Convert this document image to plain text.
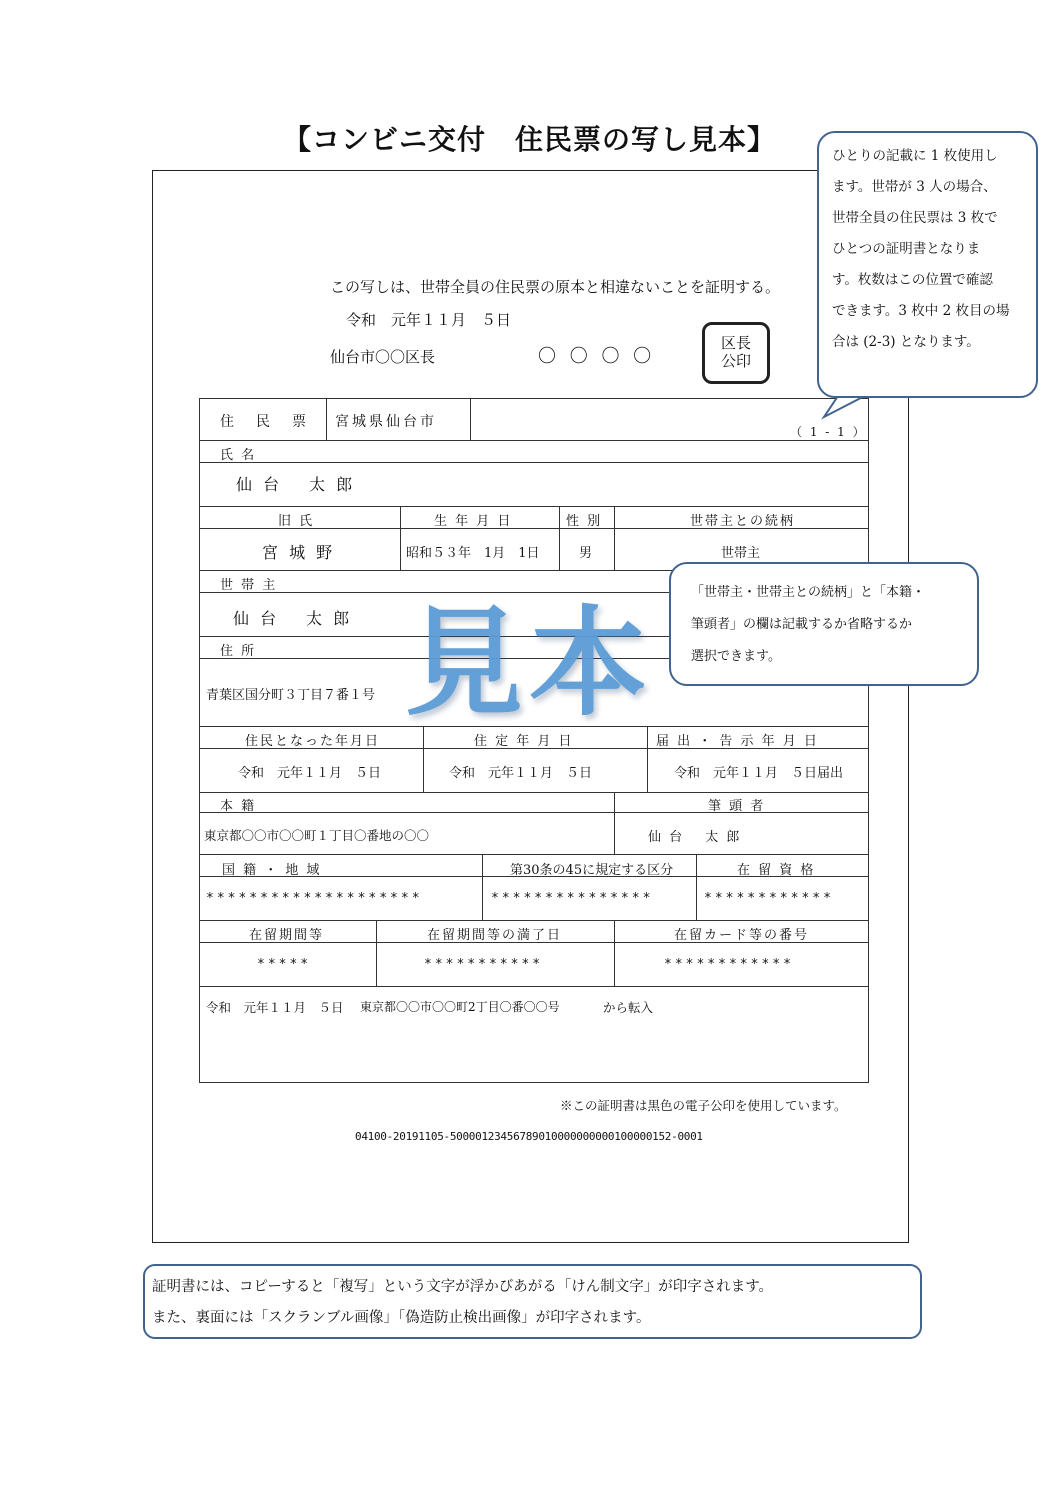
【コンビニ交付　住民票の写し見本】
この写しは、世帯全員の住民票の原本と相違ないことを証明する。
令和　元年１１月　５日
仙台市〇〇区長	〇 〇 〇 〇
区長
公印
住　民　票 宮城県仙台市
（ 1 - 1 ）
氏 名
仙 台　 太 郎
旧 氏	生 年 月 日	性 別	世帯主との続柄
宮 城 野	昭和５３年　1月　1日	男	世帯主
世 帯 主
仙 台　 太 郎
住 所
青葉区国分町３丁目７番１号
住民となった年月日	住 定 年 月 日	届 出 ・ 告 示 年 月 日
令和　元年１１月　５日	令和　元年１１月　５日	令和　元年１１月　５日届出
本 籍	筆 頭 者
東京都〇〇市〇〇町１丁目〇番地の〇〇	仙 台　 太 郎
国 籍 ・ 地 域	第30条の45に規定する区分	在 留 資 格
********************	***************	************
在留期間等	在留期間等の満了日	在留カード等の番号
*****	***********	************
令和　元年１１月　５日 東京都〇〇市〇〇町2丁目〇番〇〇号	から転入
※この証明書は黒色の電子公印を使用しています。
04100-20191105-50000123456789010000000000100000152-0001
見本
ひとりの記載に 1 枚使用し
ます。世帯が 3 人の場合、
世帯全員の住民票は 3 枚で
ひとつの証明書となりま
す。枚数はこの位置で確認
できます。3 枚中 2 枚目の場
合は (2-3) となります。
「世帯主・世帯主との続柄」と「本籍・
筆頭者」の欄は記載するか省略するか
選択できます。
証明書には、コピーすると「複写」という文字が浮かびあがる「けん制文字」が印字されます。
また、裏面には「スクランブル画像」「偽造防止検出画像」が印字されます。
